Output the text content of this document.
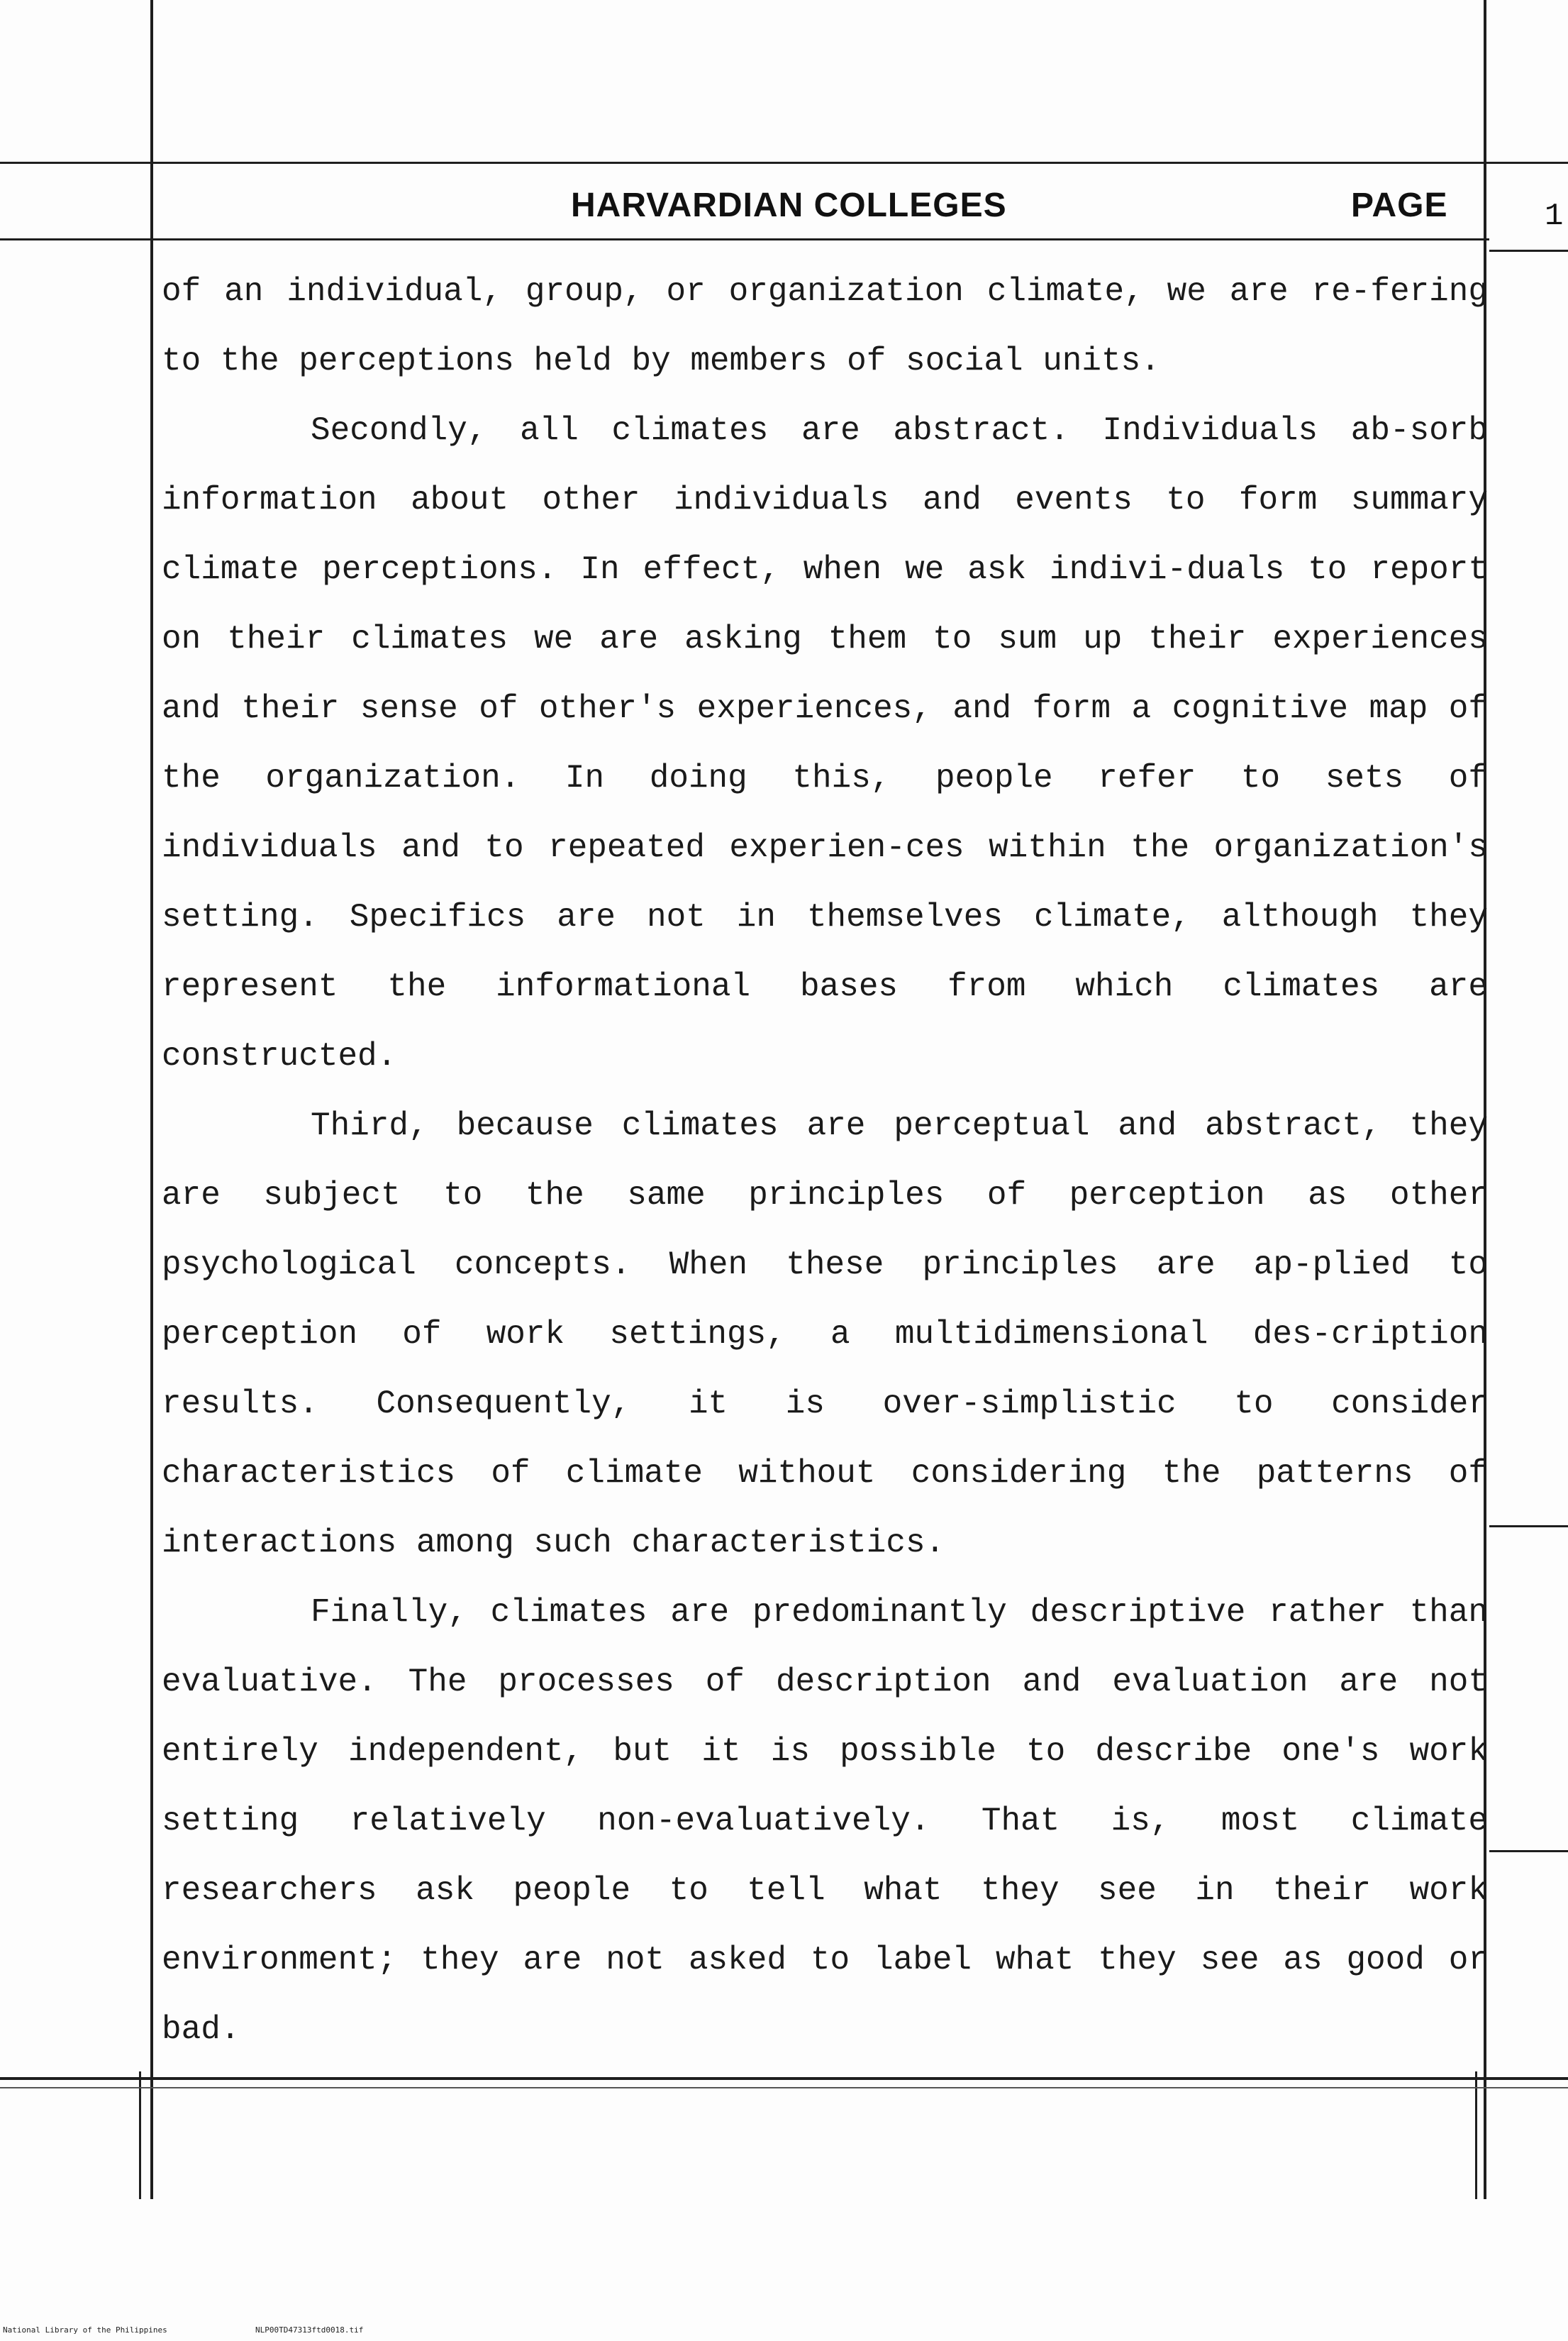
HARVARDIAN COLLEGES	PAGE	1

of an individual, group, or organization climate, we are re-fering to the perceptions held by members of social units.

Secondly, all climates are abstract. Individuals ab-sorb information about other individuals and events to form summary climate perceptions. In effect, when we ask indivi-duals to report on their climates we are asking them to sum up their experiences and their sense of other's experiences, and form a cognitive map of the organization. In doing this, people refer to sets of individuals and to repeated experien-ces within the organization's setting. Specifics are not in themselves climate, although they represent the informational bases from which climates are constructed.

Third, because climates are perceptual and abstract, they are subject to the same principles of perception as other psychological concepts. When these principles are ap-plied to perception of work settings, a multidimensional des-cription results. Consequently, it is over-simplistic to consider characteristics of climate without considering the patterns of interactions among such characteristics.

Finally, climates are predominantly descriptive rather than evaluative. The processes of description and evaluation are not entirely independent, but it is possible to describe one's work setting relatively non-evaluatively. That is, most climate researchers ask people to tell what they see in their work environment; they are not asked to label what they see as good or bad.

National Library of the Philippines	NLP00TD47313ftd0018.tif
